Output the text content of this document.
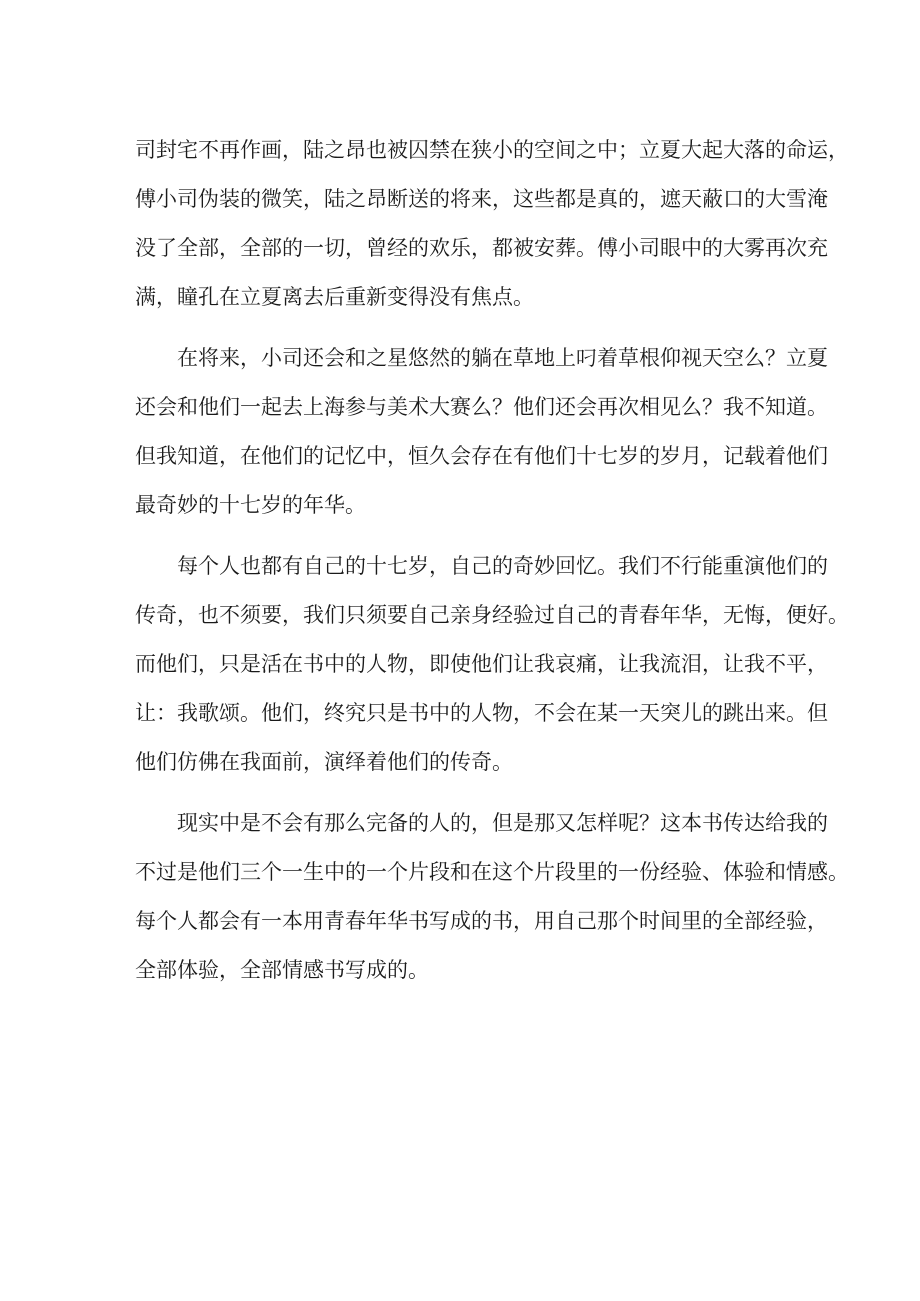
司封宅不再作画，陆之昂也被囚禁在狭小的空间之中；立夏大起大落的命运，
傅小司伪装的微笑，陆之昂断送的将来，这些都是真的，遮天蔽口的大雪淹
没了全部，全部的一切，曾经的欢乐，都被安葬。傅小司眼中的大雾再次充
满，瞳孔在立夏离去后重新变得没有焦点。
在将来，小司还会和之星悠然的躺在草地上叼着草根仰视天空么？立夏
还会和他们一起去上海参与美术大赛么？他们还会再次相见么？我不知道。
但我知道，在他们的记忆中，恒久会存在有他们十七岁的岁月，记载着他们
最奇妙的十七岁的年华。
每个人也都有自己的十七岁，自己的奇妙回忆。我们不行能重演他们的
传奇，也不须要，我们只须要自己亲身经验过自己的青春年华，无悔，便好。
而他们，只是活在书中的人物，即使他们让我哀痛，让我流泪，让我不平，
让：我歌颂。他们，终究只是书中的人物，不会在某一天突儿的跳出来。但
他们仿佛在我面前，演绎着他们的传奇。
现实中是不会有那么完备的人的，但是那又怎样呢？这本书传达给我的
不过是他们三个一生中的一个片段和在这个片段里的一份经验、体验和情感。
每个人都会有一本用青春年华书写成的书，用自己那个时间里的全部经验，
全部体验，全部情感书写成的。
